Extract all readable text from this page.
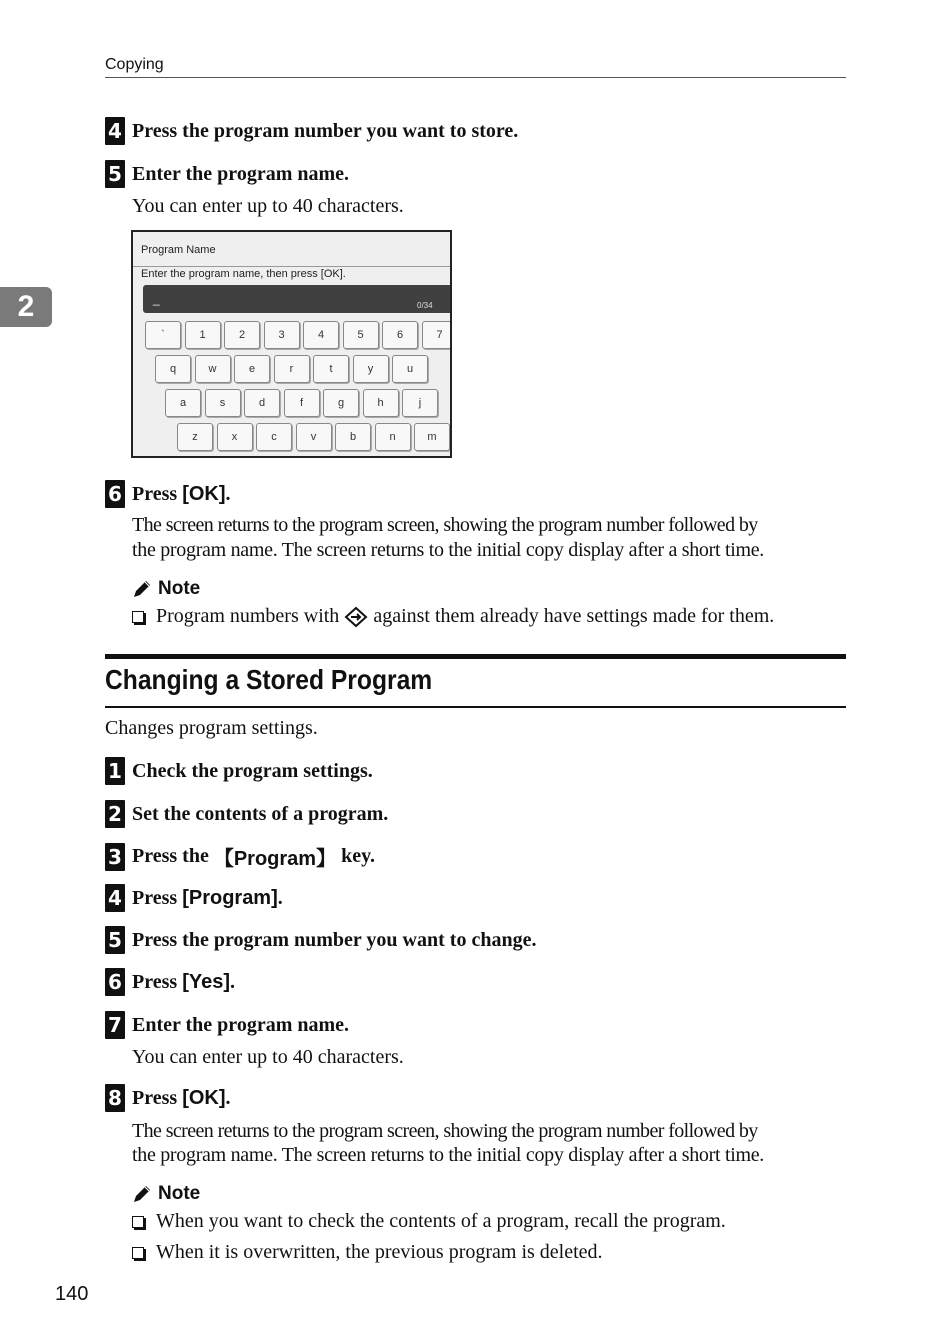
Copying
2
4 Press the program number you want to store.
5 Enter the program name.
You can enter up to 40 characters.
Program Name
Enter the program name, then press [OK].
_	0/34
`	1	2	3	4	5	6	7
q	w	e	r	t	y	u
a	s	d	f	g	h	j
z	x	c	v	b	n	m
6 Press [OK] .
The screen returns to the program screen, showing the program number followed by
the program name. The screen returns to the initial copy display after a short time.
Note
Program numbers with against them already have settings made for them.
Changing a Stored Program
Changes program settings.
1 Check the program settings.
2 Set the contents of a program.
3 Press the 【Program】 key.
4 Press [Program] .
5 Press the program number you want to change.
6 Press [Yes] .
7 Enter the program name.
You can enter up to 40 characters.
8 Press [OK] .
The screen returns to the program screen, showing the program number followed by
the program name. The screen returns to the initial copy display after a short time.
Note
When you want to check the contents of a program, recall the program.
When it is overwritten, the previous program is deleted.
140
